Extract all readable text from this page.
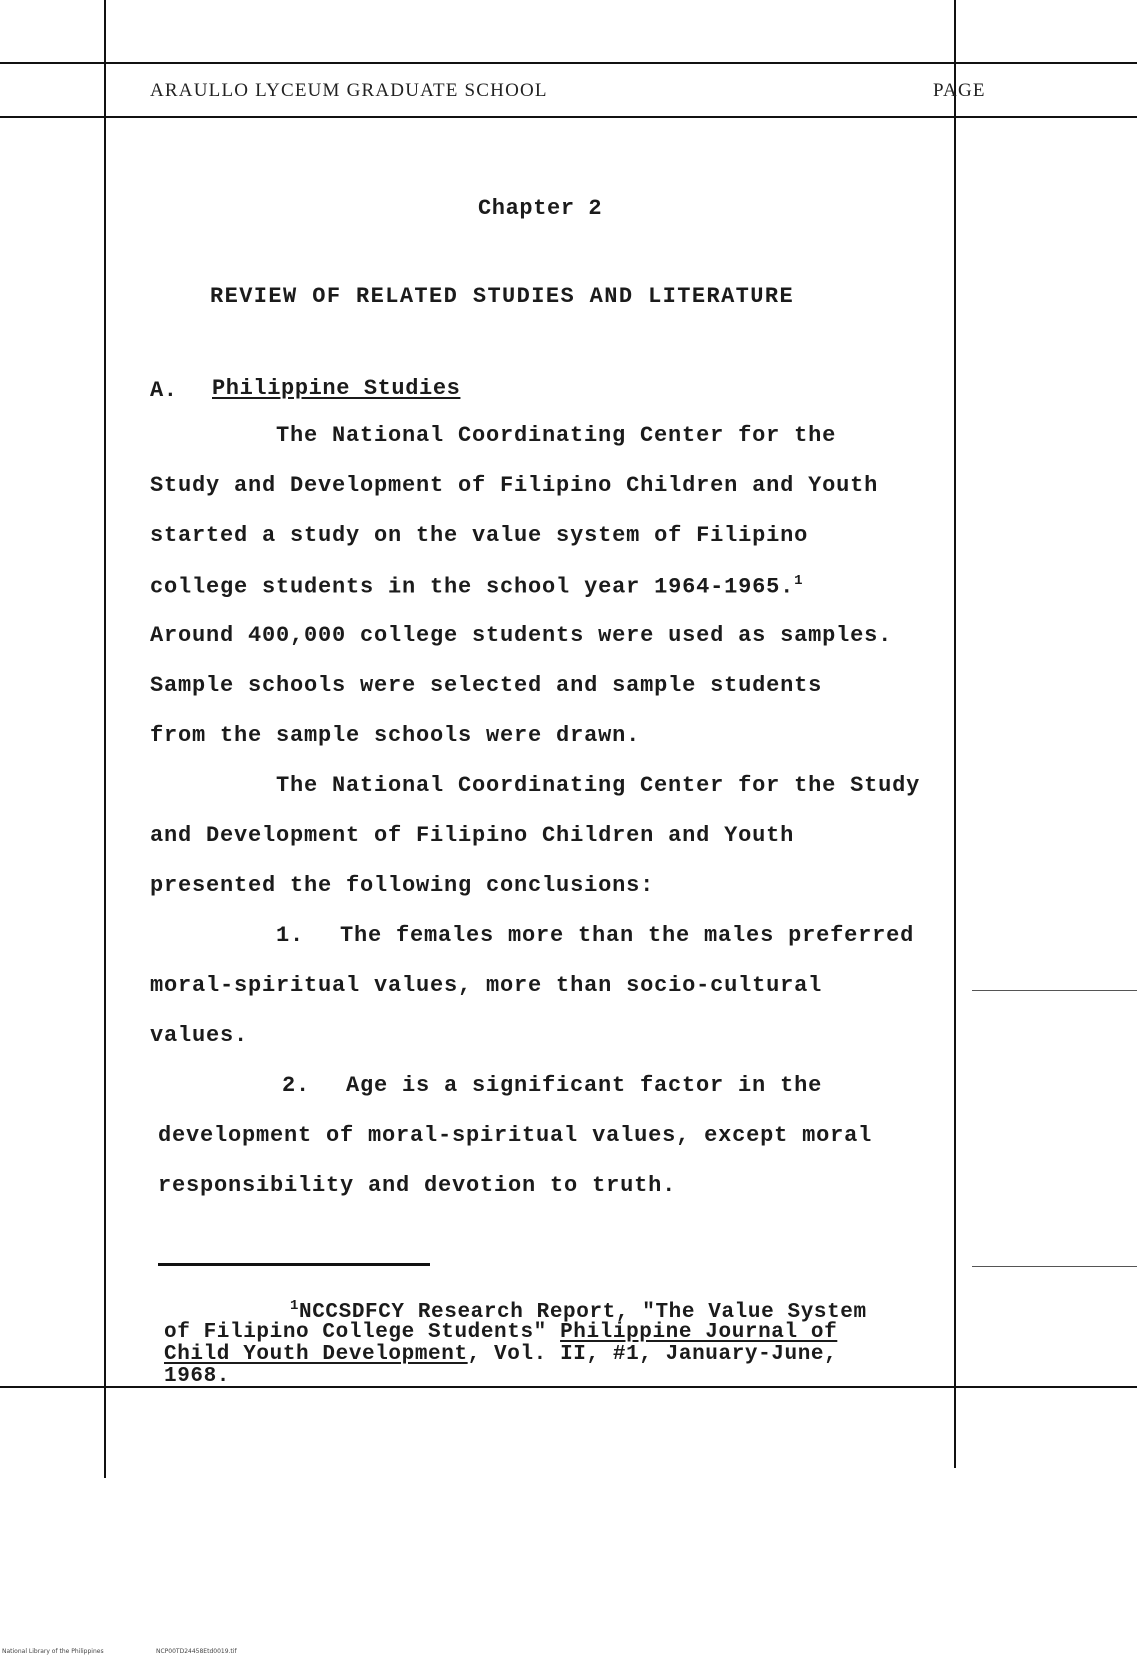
ARAULLO LYCEUM GRADUATE SCHOOL	PAGE
Chapter 2
REVIEW OF RELATED STUDIES AND LITERATURE
A. Philippine Studies
The National Coordinating Center for the
Study and Development of Filipino Children and Youth
started a study on the value system of Filipino
college students in the school year 1964-1965.$^1$
Around 400,000 college students were used as samples.
Sample schools were selected and sample students
from the sample schools were drawn.
The National Coordinating Center for the Study
and Development of Filipino Children and Youth
presented the following conclusions:
1. The females more than the males preferred
moral-spiritual values, more than socio-cultural
values.
2. Age is a significant factor in the
development of moral-spiritual values, except moral
responsibility and devotion to truth.
$^1$NCCSDFCY Research Report, "The Value System
of Filipino College Students" Philippine Journal of
Child Youth Development, Vol. II, #1, January-June,
1968.
National Library of the Philippines	NCP00TD24458Etd0019.tif
